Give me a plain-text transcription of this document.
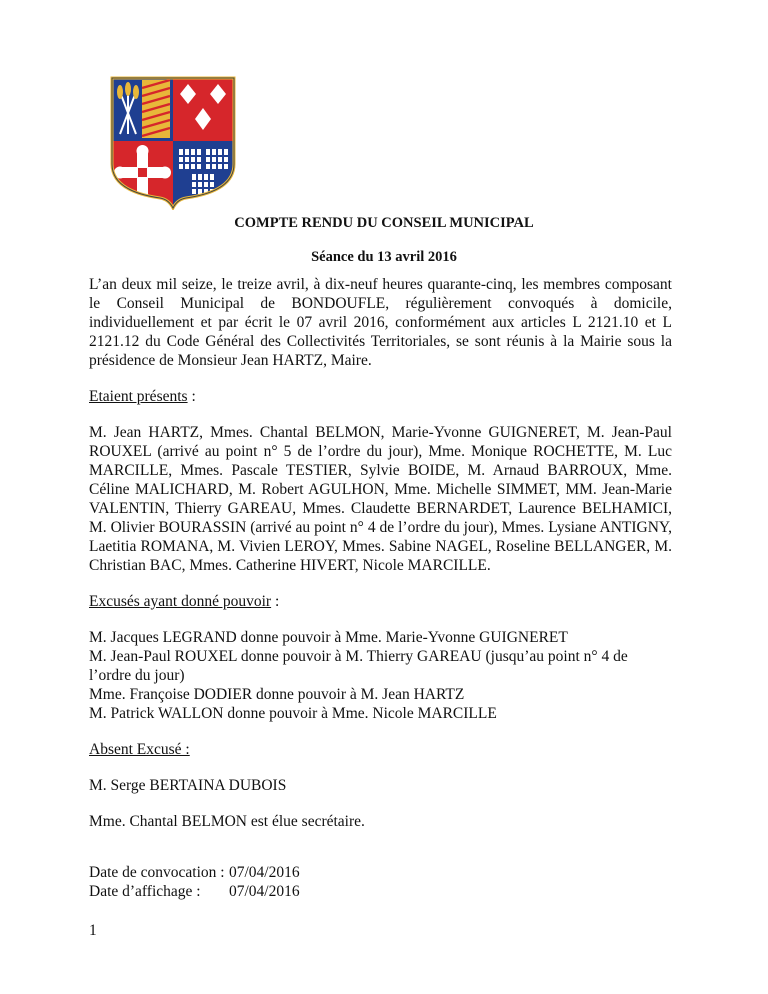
COMPTE RENDU DU CONSEIL MUNICIPAL
Séance du 13 avril 2016

L’an deux mil seize, le treize avril, à dix-neuf heures quarante-cinq, les membres composant le Conseil Municipal de BONDOUFLE, régulièrement convoqués à domicile, individuellement et par écrit le 07 avril 2016, conformément aux articles L 2121.10 et L 2121.12 du Code Général des Collectivités Territoriales, se sont réunis à la Mairie sous la présidence de Monsieur Jean HARTZ, Maire.

Etaient présents :

M. Jean HARTZ, Mmes. Chantal BELMON, Marie-Yvonne GUIGNERET, M. Jean-Paul ROUXEL (arrivé au point n° 5 de l’ordre du jour), Mme. Monique ROCHETTE, M. Luc MARCILLE, Mmes. Pascale TESTIER, Sylvie BOIDE, M. Arnaud BARROUX, Mme. Céline MALICHARD, M. Robert AGULHON, Mme. Michelle SIMMET, MM. Jean-Marie VALENTIN, Thierry GAREAU, Mmes. Claudette BERNARDET, Laurence BELHAMICI, M. Olivier BOURASSIN (arrivé au point n° 4 de l’ordre du jour), Mmes. Lysiane ANTIGNY, Laetitia ROMANA, M. Vivien LEROY, Mmes. Sabine NAGEL, Roseline BELLANGER, M. Christian BAC, Mmes. Catherine HIVERT, Nicole MARCILLE.

Excusés ayant donné pouvoir :

M. Jacques LEGRAND donne pouvoir à Mme. Marie-Yvonne GUIGNERET
M. Jean-Paul ROUXEL donne pouvoir à M. Thierry GAREAU (jusqu’au point n° 4 de l’ordre du jour)
Mme. Françoise DODIER donne pouvoir à M. Jean HARTZ
M. Patrick WALLON donne pouvoir à Mme. Nicole MARCILLE

Absent Excusé :

M. Serge BERTAINA DUBOIS

Mme. Chantal BELMON est élue secrétaire.

Date de convocation : 07/04/2016
Date d’affichage : 07/04/2016
1
